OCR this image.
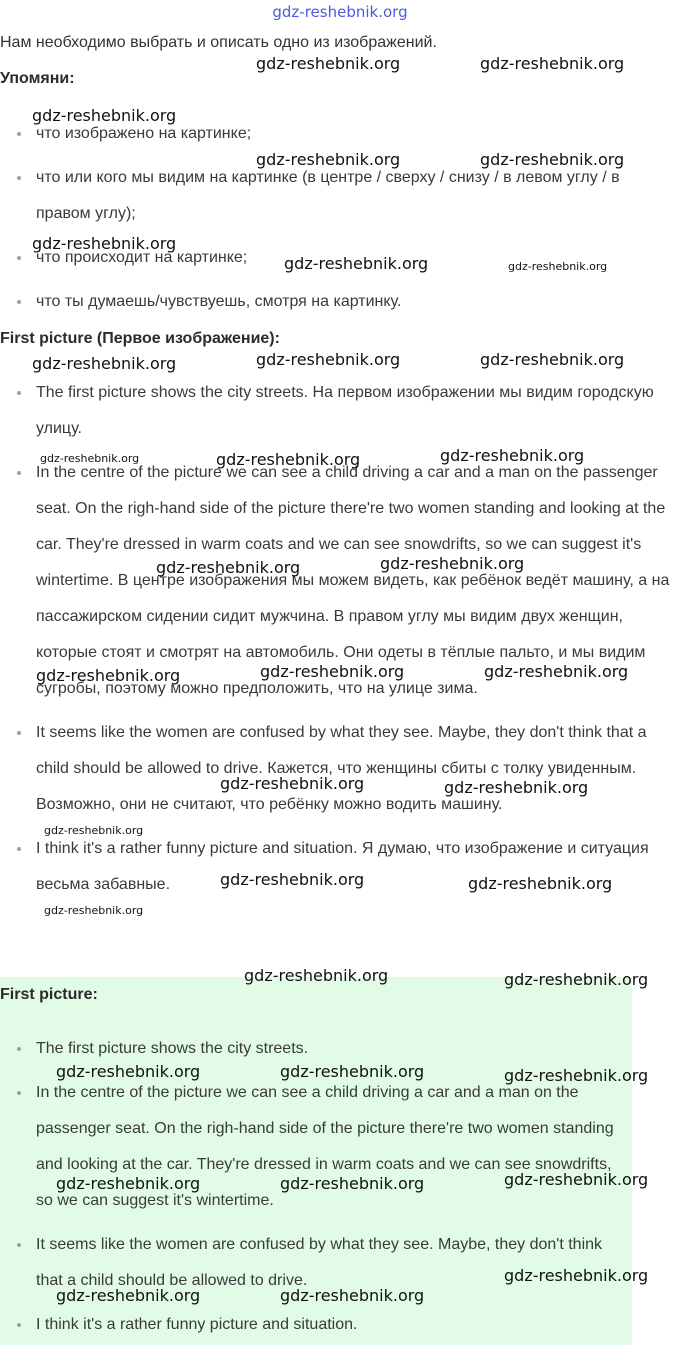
gdz-reshebnik.org
Нам необходимо выбрать и описать одно из изображений.
Упомяни:
что изображено на картинке;
что или кого мы видим на картинке (в центре / сверху / снизу / в левом углу / в правом углу);
что происходит на картинке;
что ты думаешь/чувствуешь, смотря на картинку.
First picture (Первое изображение):
The first picture shows the city streets. На первом изображении мы видим городскую улицу.
In the centre of the picture we can see a child driving a car and a man on the passenger seat. On the righ-hand side of the picture there're two women standing and looking at the car. They're dressed in warm coats and we can see snowdrifts, so we can suggest it's wintertime. В центре изображения мы можем видеть, как ребёнок ведёт машину, а на пассажирском сидении сидит мужчина. В правом углу мы видим двух женщин, которые стоят и смотрят на автомобиль. Они одеты в тёплые пальто, и мы видим сугробы, поэтому можно предположить, что на улице зима.
It seems like the women are confused by what they see. Maybe, they don't think that a child should be allowed to drive. Кажется, что женщины сбиты с толку увиденным. Возможно, они не считают, что ребёнку можно водить машину.
I think it's a rather funny picture and situation. Я думаю, что изображение и ситуация весьма забавные.
First picture:
The first picture shows the city streets.
In the centre of the picture we can see a child driving a car and a man on the passenger seat. On the righ-hand side of the picture there're two women standing and looking at the car. They're dressed in warm coats and we can see snowdrifts, so we can suggest it's wintertime.
It seems like the women are confused by what they see. Maybe, they don't think that a child should be allowed to drive.
I think it's a rather funny picture and situation.
gdz-reshebnik.org	gdz-reshebnik.org
gdz-reshebnik.org
gdz-reshebnik.org	gdz-reshebnik.org
gdz-reshebnik.org
gdz-reshebnik.org	gdz-reshebnik.org
gdz-reshebnik.org	gdz-reshebnik.org	gdz-reshebnik.org
gdz-reshebnik.org	gdz-reshebnik.org	gdz-reshebnik.org
gdz-reshebnik.org	gdz-reshebnik.org
gdz-reshebnik.org	gdz-reshebnik.org	gdz-reshebnik.org
gdz-reshebnik.org	gdz-reshebnik.org
gdz-reshebnik.org
gdz-reshebnik.org	gdz-reshebnik.org
gdz-reshebnik.org
gdz-reshebnik.org	gdz-reshebnik.org
gdz-reshebnik.org	gdz-reshebnik.org	gdz-reshebnik.org
gdz-reshebnik.org	gdz-reshebnik.org	gdz-reshebnik.org
gdz-reshebnik.org
gdz-reshebnik.org	gdz-reshebnik.org
